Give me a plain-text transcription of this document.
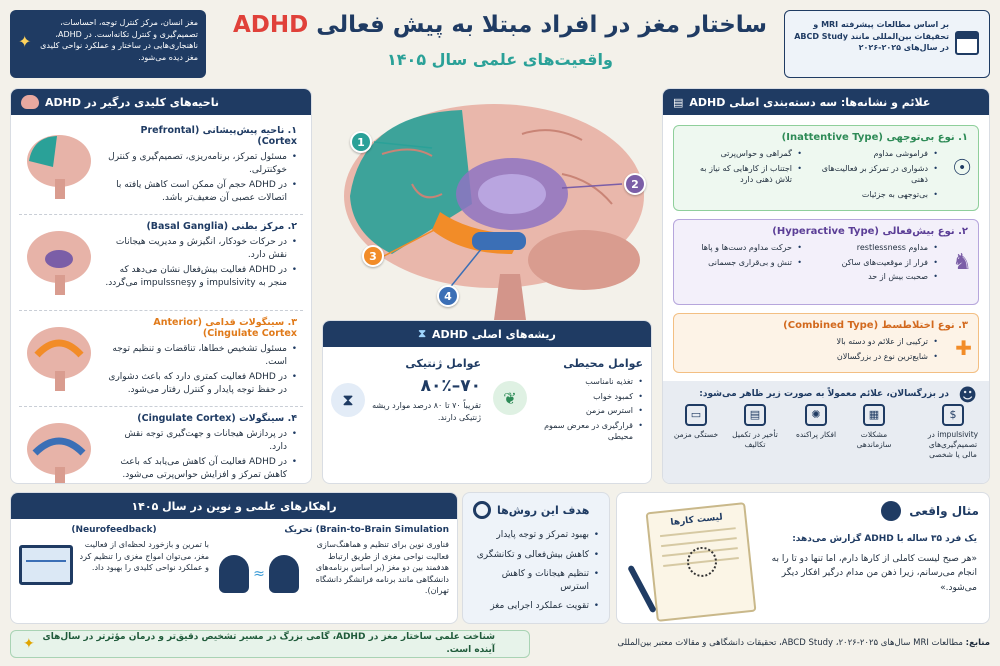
✦
مغز انسان، مرکز کنترل توجه، احساسات، تصمیم‌گیری و کنترل تکانه‌است. در ADHD، ناهنجاری‌هایی در ساختار و عملکرد نواحی کلیدی مغز دیده می‌شود.
ساختار مغز در افراد مبتلا به پیش فعالی ADHD
واقعیت‌های علمی سال ۱۴۰۵
بر اساس مطالعات پیشرفته MRI و تحقیقات بین‌المللی مانند ABCD Study در سال‌های ۲۰۲۵-۲۰۲۶
ناحیه‌های کلیدی درگیر در ADHD
۱. ناحیه پیش‌پیشانی (Prefrontal Cortex)
• مسئول تمرکز، برنامه‌ریزی، تصمیم‌گیری و کنترل خوکنترلی.
• در ADHD حجم آن ممکن است کاهش یافته با اتصالات عصبی آن ضعیف‌تر باشد.
۲. مرکز بطنی (Basal Ganglia)
• در حرکات خودکار، انگیزش و مدیریت هیجانات نقش دارد.
• در ADHD فعالیت بیش‌فعال نشان می‌دهد که منجر به impulsivity و impulssneşy می‌گردد.
۳. سینگولات قدامی (Anterior Cingulate Cortex)
• مسئول تشخیص خطاها، تناقضات و تنظیم توجه است.
• در ADHD فعالیت کمتری دارد که باعث دشواری در حفظ توجه پایدار و کنترل رفتار می‌شود.
۴. سینگولات (Cingulate Cortex)
• در پردازش هیجانات و جهت‌گیری توجه نقش دارد.
• در ADHD فعالیت آن کاهش می‌یابد که باعث کاهش تمرکز و افزایش حواس‌پرتی می‌شود.
1
2
3
4
ریشه‌های اصلی ADHD
⧗
عوامل محیطی
❦
• تغذیه نامناسب
• کمبود خواب
• استرس مزمن
• قرارگیری در معرض سموم محیطی
عوامل ژنتیکی
⧗
۷۰–۸۰٪
تقریباً ۷۰ تا ۸۰ درصد موارد ریشه ژنتیکی دارند.
علائم و نشانه‌ها: سه دسته‌بندی اصلی ADHD
▤
۱. نوع بی‌توجهی (Inattentive Type)
☉
• فراموشی مداوم
• دشواری در تمرکز بر فعالیت‌های ذهنی
• بی‌توجهی به جزئیات
• گمراهی و حواس‌پرتی
• اجتناب از کارهایی که نیاز به تلاش ذهنی دارد
۲. نوع بیش‌فعالی (Hyperactive Type)
♞
• مداوم restlessness
• فرار از موقعیت‌های ساکن
• صحبت بیش از حد
• حرکت مداوم دست‌ها و پاها
• تنش و بی‌قراری جسمانی
۳. نوع اختلاطسط (Combined Type)
✚
• ترکیبی از علائم دو دسته بالا
• شایع‌ترین نوع در بزرگسالان
در بزرگسالان، علائم معمولاً به صورت زیر ظاهر می‌شود: ☻
$
impulsivity در تصمیم‌گیری‌های مالی یا شخصی
▦
مشکلات سازماندهی
✺
افکار پراکنده
▤
تأخیر در تکمیل تکالیف
▭
خستگی مزمن
راهکارهای علمی و نوین در سال ۱۴۰۵
Brain-to-Brain Simulation) تحریک
فناوری نوین برای تنظیم و هماهنگ‌سازی فعالیت نواحی مغزی از طریق ارتباط هدفمند بین دو مغز (بر اساس برنامه‌های دانشگاهی مانند برنامه فرانشگر دانشگاه تهران).
≈
(Neurofeedback)
با تمرین و بازخورد لحظه‌ای از فعالیت مغز، می‌توان امواج مغزی را تنظیم کرد و عملکرد نواحی کلیدی را بهبود داد.
هدف این روش‌ها
• بهبود تمرکز و توجه پایدار
• کاهش بیش‌فعالی و تکانشگری
• تنظیم هیجانات و کاهش استرس
• تقویت عملکرد اجرایی مغز
مثال واقعی
لیست کارها
یک فرد ۳۵ ساله با ADHD گزارش می‌دهد:
«هر صبح لیست کاملی از کارها دارم، اما تنها دو تا را به انجام می‌رسانم، زیرا ذهن من مدام درگیر افکار دیگر می‌شود.»
شناخت علمی ساختار مغز در ADHD، گامی بزرگ در مسیر تشخیص دقیق‌تر و درمان مؤثرتر در سال‌های آینده است.
✦	منابع: مطالعات MRI سال‌های ۲۰۲۵-۲۰۲۶، ABCD Study، تحقیقات دانشگاهی و مقالات معتبر بین‌المللی
